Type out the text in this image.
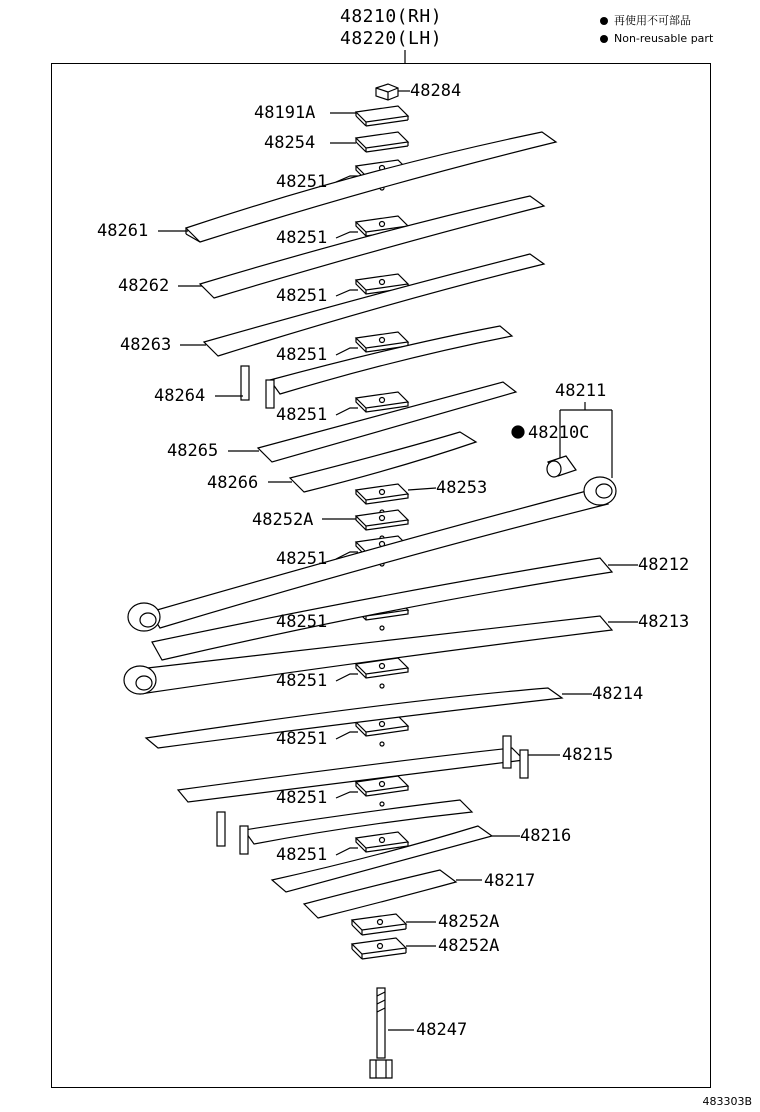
48210(RH)
48220(LH)
再使用不可部品
Non-reusable part
48284
48191A
48254
48251
48261	48251
48262	48251
48263	48251
48264
48251
48211
48210C
48265
48266	48253
48252A
48251	48212
48251	48213
48251
48214
48251
48215
48251
48216
48251
48217
48252A
48252A
48247
483303B
